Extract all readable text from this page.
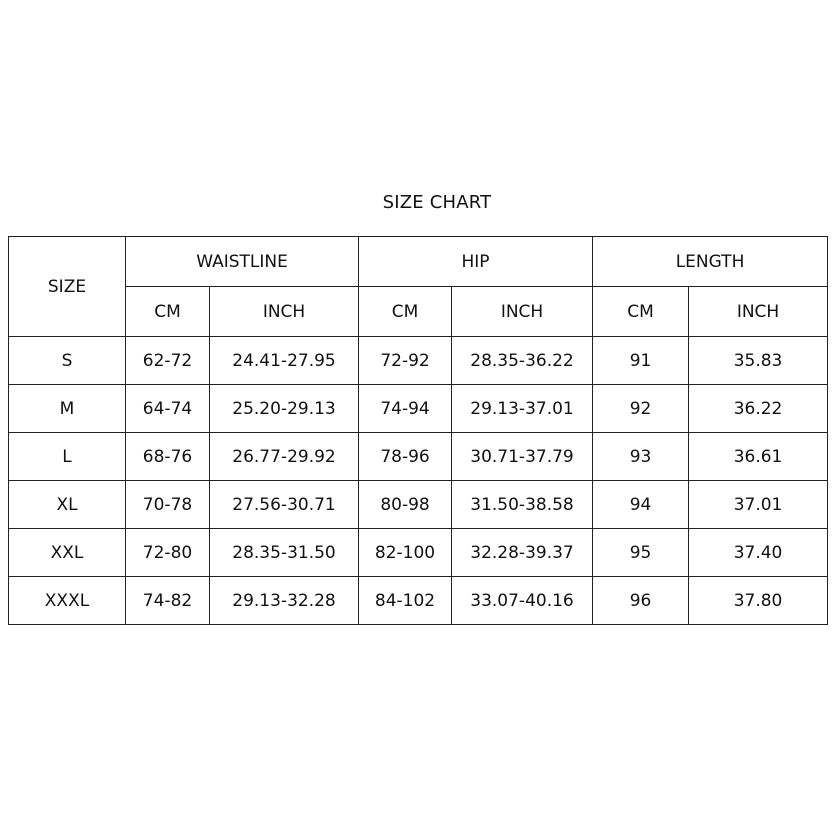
SIZE CHART
SIZE	WAISTLINE		HIP		LENGTH	
	CM	INCH	CM	INCH	CM	INCH
S	62-72	24.41-27.95	72-92	28.35-36.22	91	35.83
M	64-74	25.20-29.13	74-94	29.13-37.01	92	36.22
L	68-76	26.77-29.92	78-96	30.71-37.79	93	36.61
XL	70-78	27.56-30.71	80-98	31.50-38.58	94	37.01
XXL	72-80	28.35-31.50	82-100	32.28-39.37	95	37.40
XXXL	74-82	29.13-32.28	84-102	33.07-40.16	96	37.80
